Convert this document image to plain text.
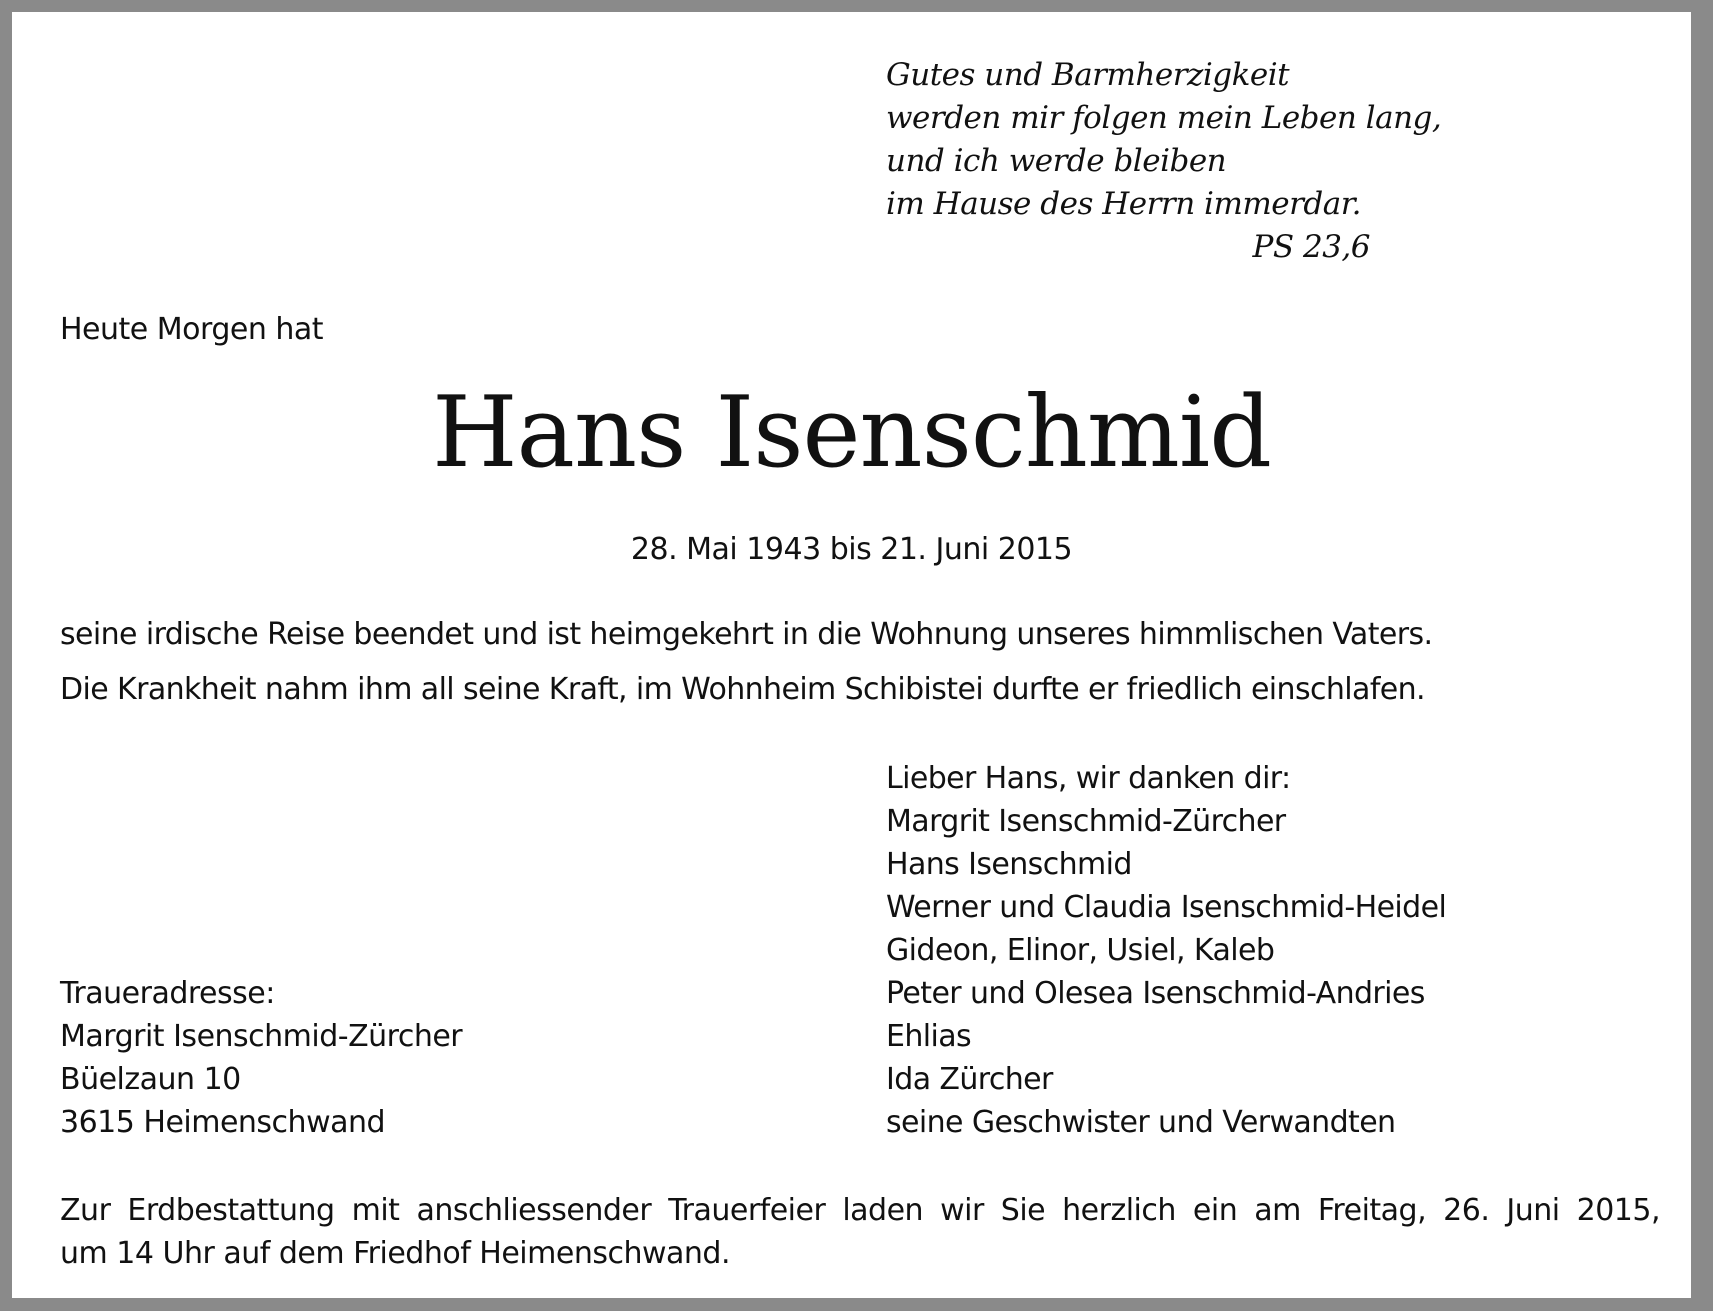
Gutes und Barmherzigkeit
werden mir folgen mein Leben lang,
und ich werde bleiben
im Hause des Herrn immerdar.
PS 23,6
Heute Morgen hat
Hans Isenschmid
28. Mai 1943 bis 21. Juni 2015
seine irdische Reise beendet und ist heimgekehrt in die Wohnung unseres himmlischen Vaters.
Die Krankheit nahm ihm all seine Kraft, im Wohnheim Schibistei durfte er friedlich einschlafen.
Lieber Hans, wir danken dir:
Margrit Isenschmid-Zürcher
Hans Isenschmid
Werner und Claudia Isenschmid-Heidel
Gideon, Elinor, Usiel, Kaleb
Peter und Olesea Isenschmid-Andries
Ehlias
Ida Zürcher
seine Geschwister und Verwandten
Traueradresse:
Margrit Isenschmid-Zürcher
Büelzaun 10
3615 Heimenschwand
Zur Erdbestattung mit anschliessender Trauerfeier laden wir Sie herzlich ein am Freitag, 26. Juni 2015,
um 14 Uhr auf dem Friedhof Heimenschwand.
